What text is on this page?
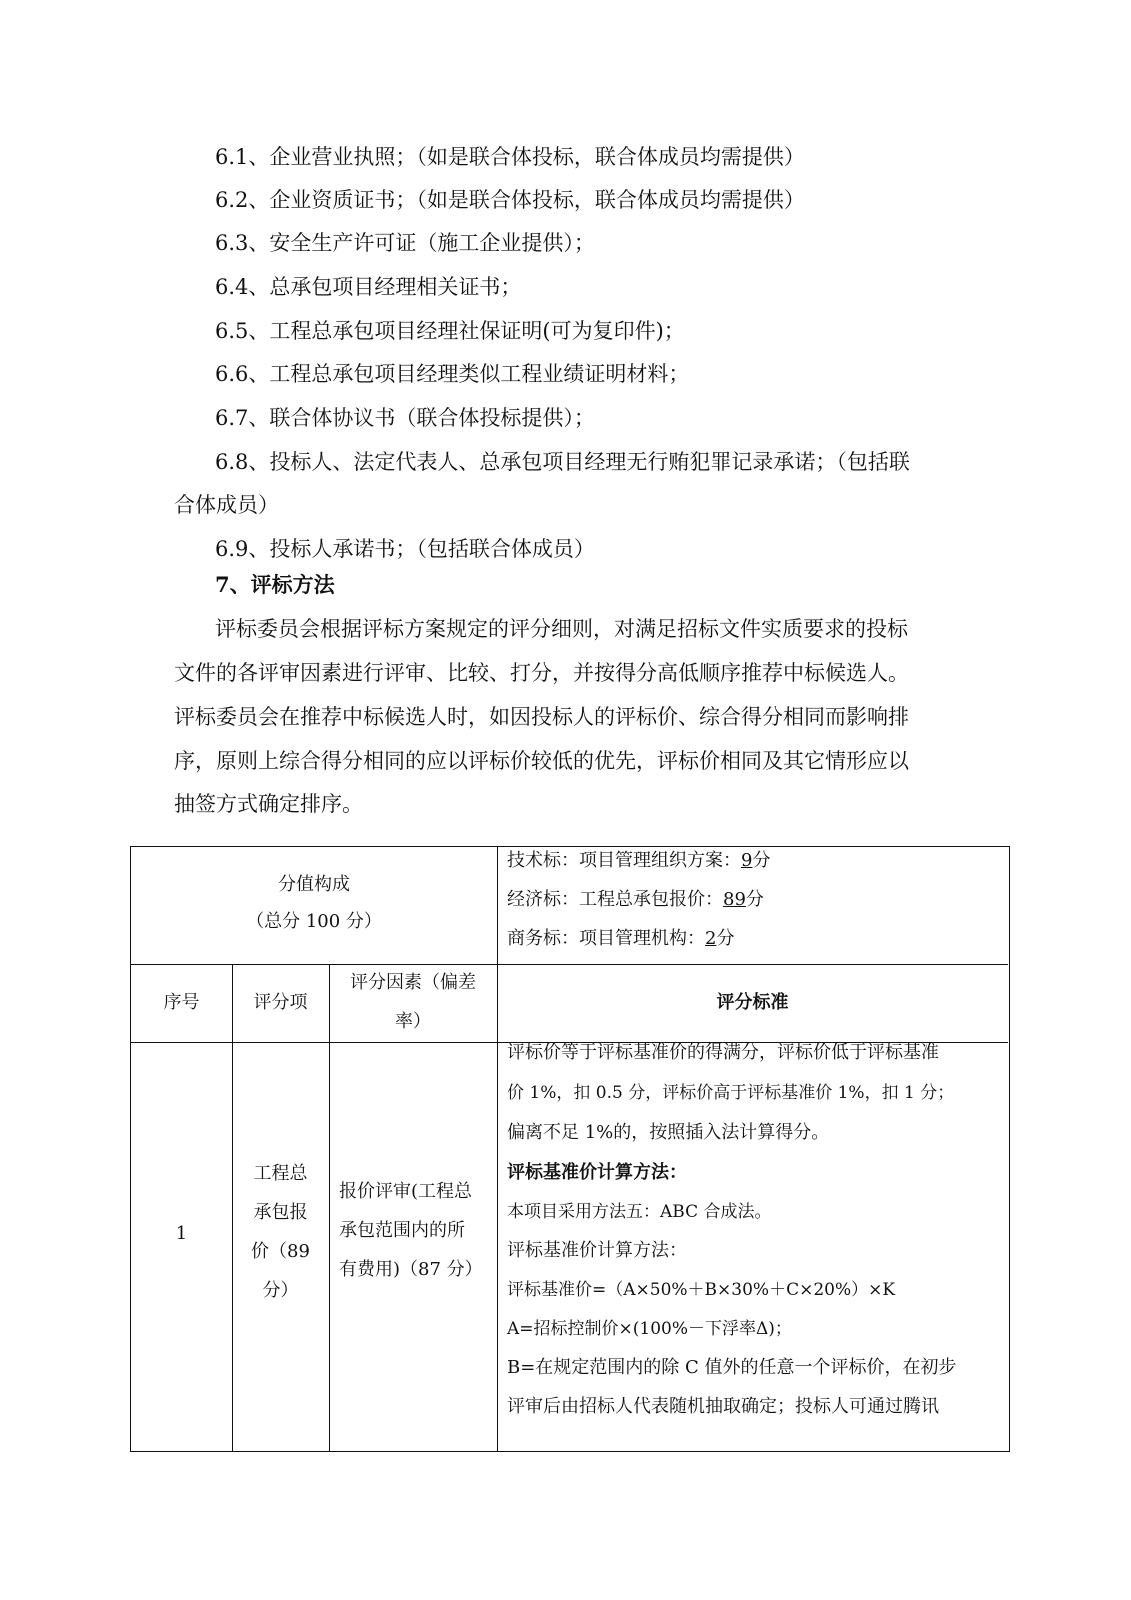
6.1、企业营业执照；（如是联合体投标，联合体成员均需提供）
6.2、企业资质证书；（如是联合体投标，联合体成员均需提供）
6.3、安全生产许可证（施工企业提供）；
6.4、总承包项目经理相关证书；
6.5、工程总承包项目经理社保证明(可为复印件)；
6.6、工程总承包项目经理类似工程业绩证明材料；
6.7、联合体协议书（联合体投标提供）；
6.8、投标人、法定代表人、总承包项目经理无行贿犯罪记录承诺；（包括联
合体成员）
6.9、投标人承诺书；（包括联合体成员）
7、评标方法
评标委员会根据评标方案规定的评分细则，对满足招标文件实质要求的投标
文件的各评审因素进行评审、比较、打分，并按得分高低顺序推荐中标候选人。
评标委员会在推荐中标候选人时，如因投标人的评标价、综合得分相同而影响排
序，原则上综合得分相同的应以评标价较低的优先，评标价相同及其它情形应以
抽签方式确定排序。
分值构成
（总分 100 分）
技术标：项目管理组织方案：9分
经济标：工程总承包报价：89分
商务标：项目管理机构：2分
序号	评分项
评分因素（偏差
率）
评分标准
1
工程总
承包报
价（89
分）
报价评审(工程总
承包范围内的所
有费用)（87 分）
评标价等于评标基准价的得满分，评标价低于评标基准
价 1%，扣 0.5 分，评标价高于评标基准价 1%，扣 1 分；
偏离不足 1%的，按照插入法计算得分。
评标基准价计算方法：
本项目采用方法五：ABC 合成法。
评标基准价计算方法：
评标基准价=（A×50%＋B×30%＋C×20%）×K
A=招标控制价×(100%－下浮率Δ)；
B=在规定范围内的除 C 值外的任意一个评标价，在初步
评审后由招标人代表随机抽取确定；投标人可通过腾讯
